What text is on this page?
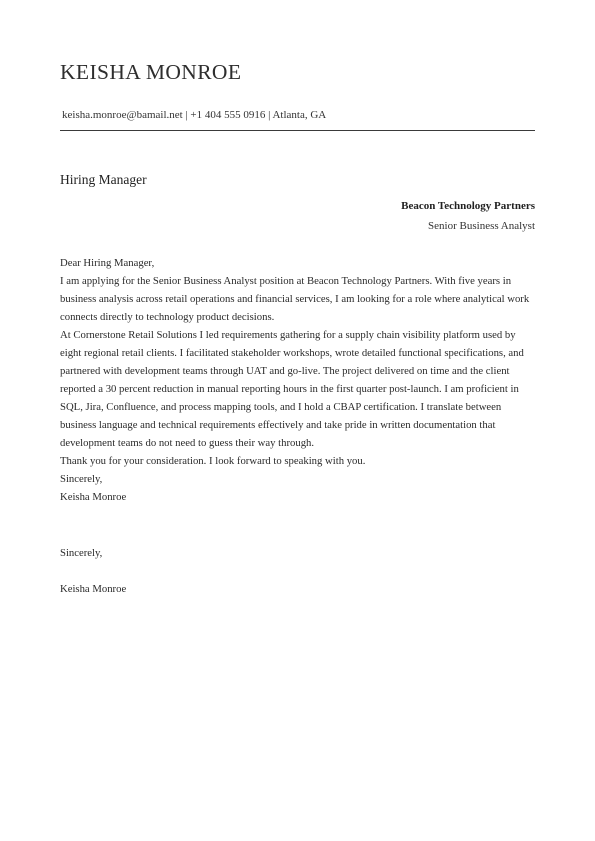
KEISHA MONROE
keisha.monroe@bamail.net | +1 404 555 0916 | Atlanta, GA
Hiring Manager
Beacon Technology Partners
Senior Business Analyst

Dear Hiring Manager,

I am applying for the Senior Business Analyst position at Beacon Technology Partners. With five years in business analysis across retail operations and financial services, I am looking for a role where analytical work connects directly to technology product decisions.

At Cornerstone Retail Solutions I led requirements gathering for a supply chain visibility platform used by eight regional retail clients. I facilitated stakeholder workshops, wrote detailed functional specifications, and partnered with development teams through UAT and go-live. The project delivered on time and the client reported a 30 percent reduction in manual reporting hours in the first quarter post-launch. I am proficient in SQL, Jira, Confluence, and process mapping tools, and I hold a CBAP certification. I translate between business language and technical requirements effectively and take pride in written documentation that development teams do not need to guess their way through.

Thank you for your consideration. I look forward to speaking with you.

Sincerely,

Keisha Monroe

Sincerely,
Keisha Monroe
